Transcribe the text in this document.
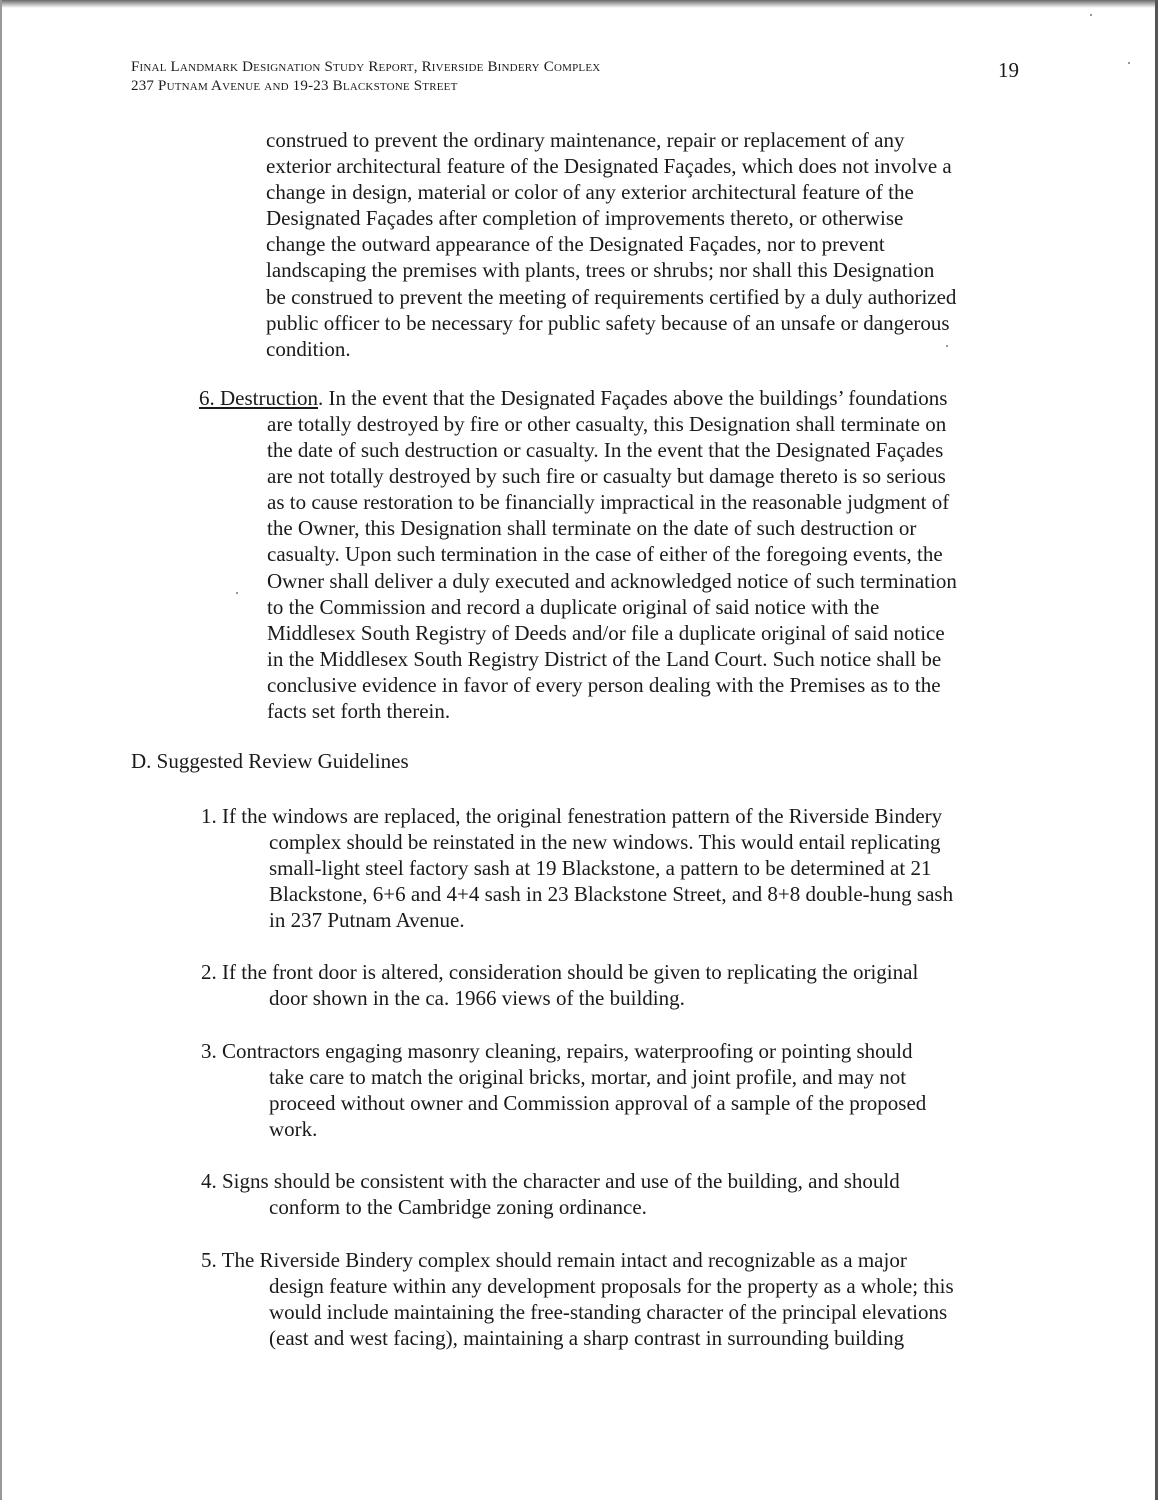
Final Landmark Designation Study Report, Riverside Bindery Complex
237 Putnam Avenue and 19-23 Blackstone Street
19
construed to prevent the ordinary maintenance, repair or replacement of any
exterior architectural feature of the Designated Façades, which does not involve a
change in design, material or color of any exterior architectural feature of the
Designated Façades after completion of improvements thereto, or otherwise
change the outward appearance of the Designated Façades, nor to prevent
landscaping the premises with plants, trees or shrubs; nor shall this Designation
be construed to prevent the meeting of requirements certified by a duly authorized
public officer to be necessary for public safety because of an unsafe or dangerous
condition.
6. Destruction. In the event that the Designated Façades above the buildings’ foundations
are totally destroyed by fire or other casualty, this Designation shall terminate on
the date of such destruction or casualty. In the event that the Designated Façades
are not totally destroyed by such fire or casualty but damage thereto is so serious
as to cause restoration to be financially impractical in the reasonable judgment of
the Owner, this Designation shall terminate on the date of such destruction or
casualty. Upon such termination in the case of either of the foregoing events, the
Owner shall deliver a duly executed and acknowledged notice of such termination
to the Commission and record a duplicate original of said notice with the
Middlesex South Registry of Deeds and/or file a duplicate original of said notice
in the Middlesex South Registry District of the Land Court. Such notice shall be
conclusive evidence in favor of every person dealing with the Premises as to the
facts set forth therein.
D. Suggested Review Guidelines
1. If the windows are replaced, the original fenestration pattern of the Riverside Bindery
complex should be reinstated in the new windows. This would entail replicating
small-light steel factory sash at 19 Blackstone, a pattern to be determined at 21
Blackstone, 6+6 and 4+4 sash in 23 Blackstone Street, and 8+8 double-hung sash
in 237 Putnam Avenue.
2. If the front door is altered, consideration should be given to replicating the original
door shown in the ca. 1966 views of the building.
3. Contractors engaging masonry cleaning, repairs, waterproofing or pointing should
take care to match the original bricks, mortar, and joint profile, and may not
proceed without owner and Commission approval of a sample of the proposed
work.
4. Signs should be consistent with the character and use of the building, and should
conform to the Cambridge zoning ordinance.
5. The Riverside Bindery complex should remain intact and recognizable as a major
design feature within any development proposals for the property as a whole; this
would include maintaining the free-standing character of the principal elevations
(east and west facing), maintaining a sharp contrast in surrounding building
